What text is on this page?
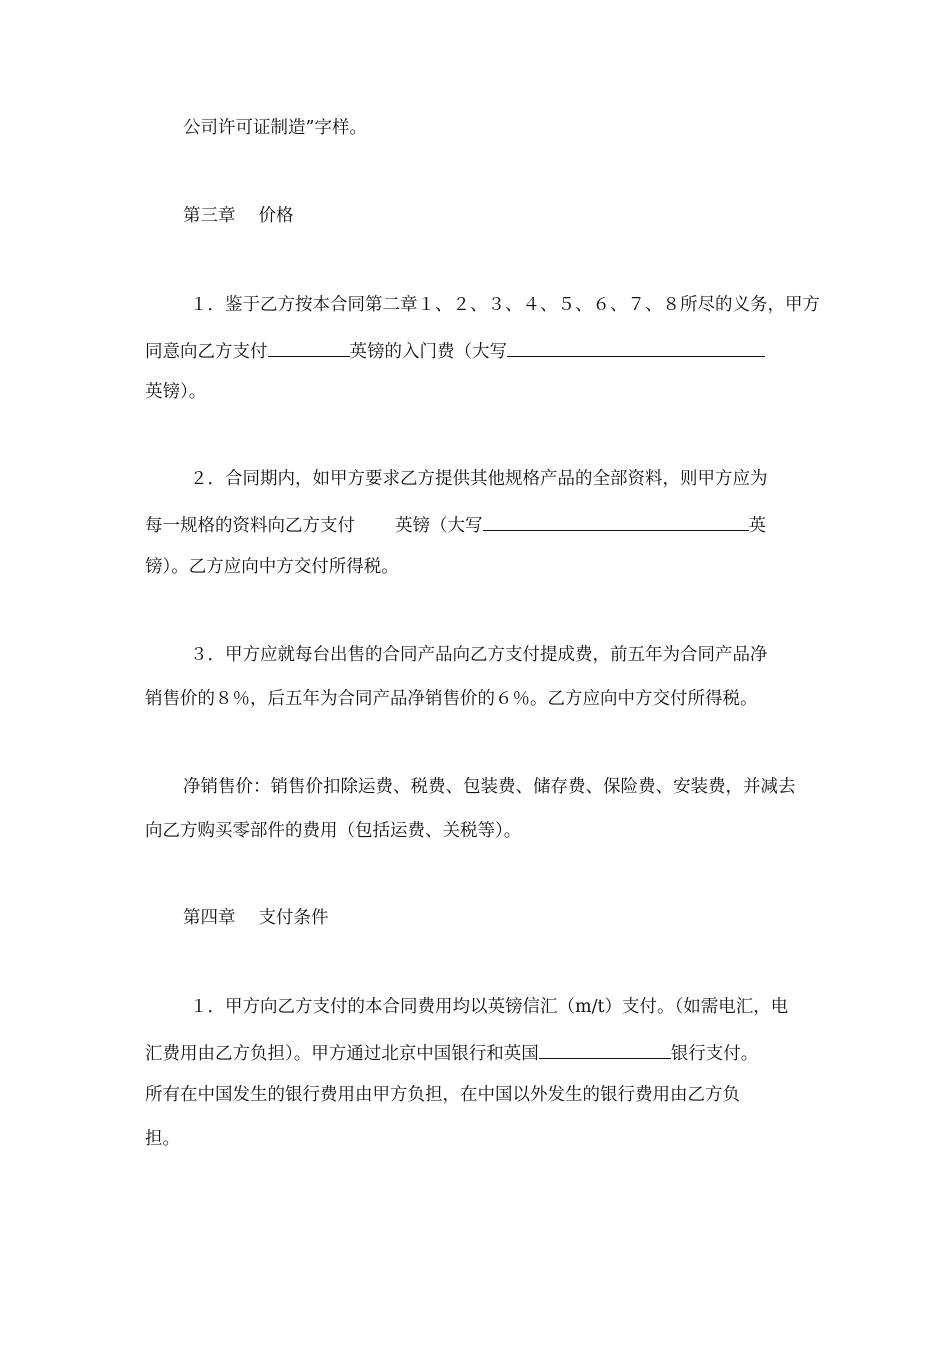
公司许可证制造”字样。
第三章　 价格
１．鉴于乙方按本合同第二章１、２、３、４、５、６、７、８所尽的义务，甲方
同意向乙方支付	英镑的入门费（大写
英镑）。
２．合同期内，如甲方要求乙方提供其他规格产品的全部资料，则甲方应为
每一规格的资料向乙方支付 英镑（大写	英
镑）。乙方应向中方交付所得税。
３．甲方应就每台出售的合同产品向乙方支付提成费，前五年为合同产品净
销售价的８％，后五年为合同产品净销售价的６％。乙方应向中方交付所得税。
净销售价：销售价扣除运费、税费、包装费、储存费、保险费、安装费，并减去
向乙方购买零部件的费用（包括运费、关税等）。
第四章　 支付条件
１．甲方向乙方支付的本合同费用均以英镑信汇（m/t）支付。（如需电汇，电
汇费用由乙方负担）。甲方通过北京中国银行和英国	银行支付。
所有在中国发生的银行费用由甲方负担，在中国以外发生的银行费用由乙方负
担。
